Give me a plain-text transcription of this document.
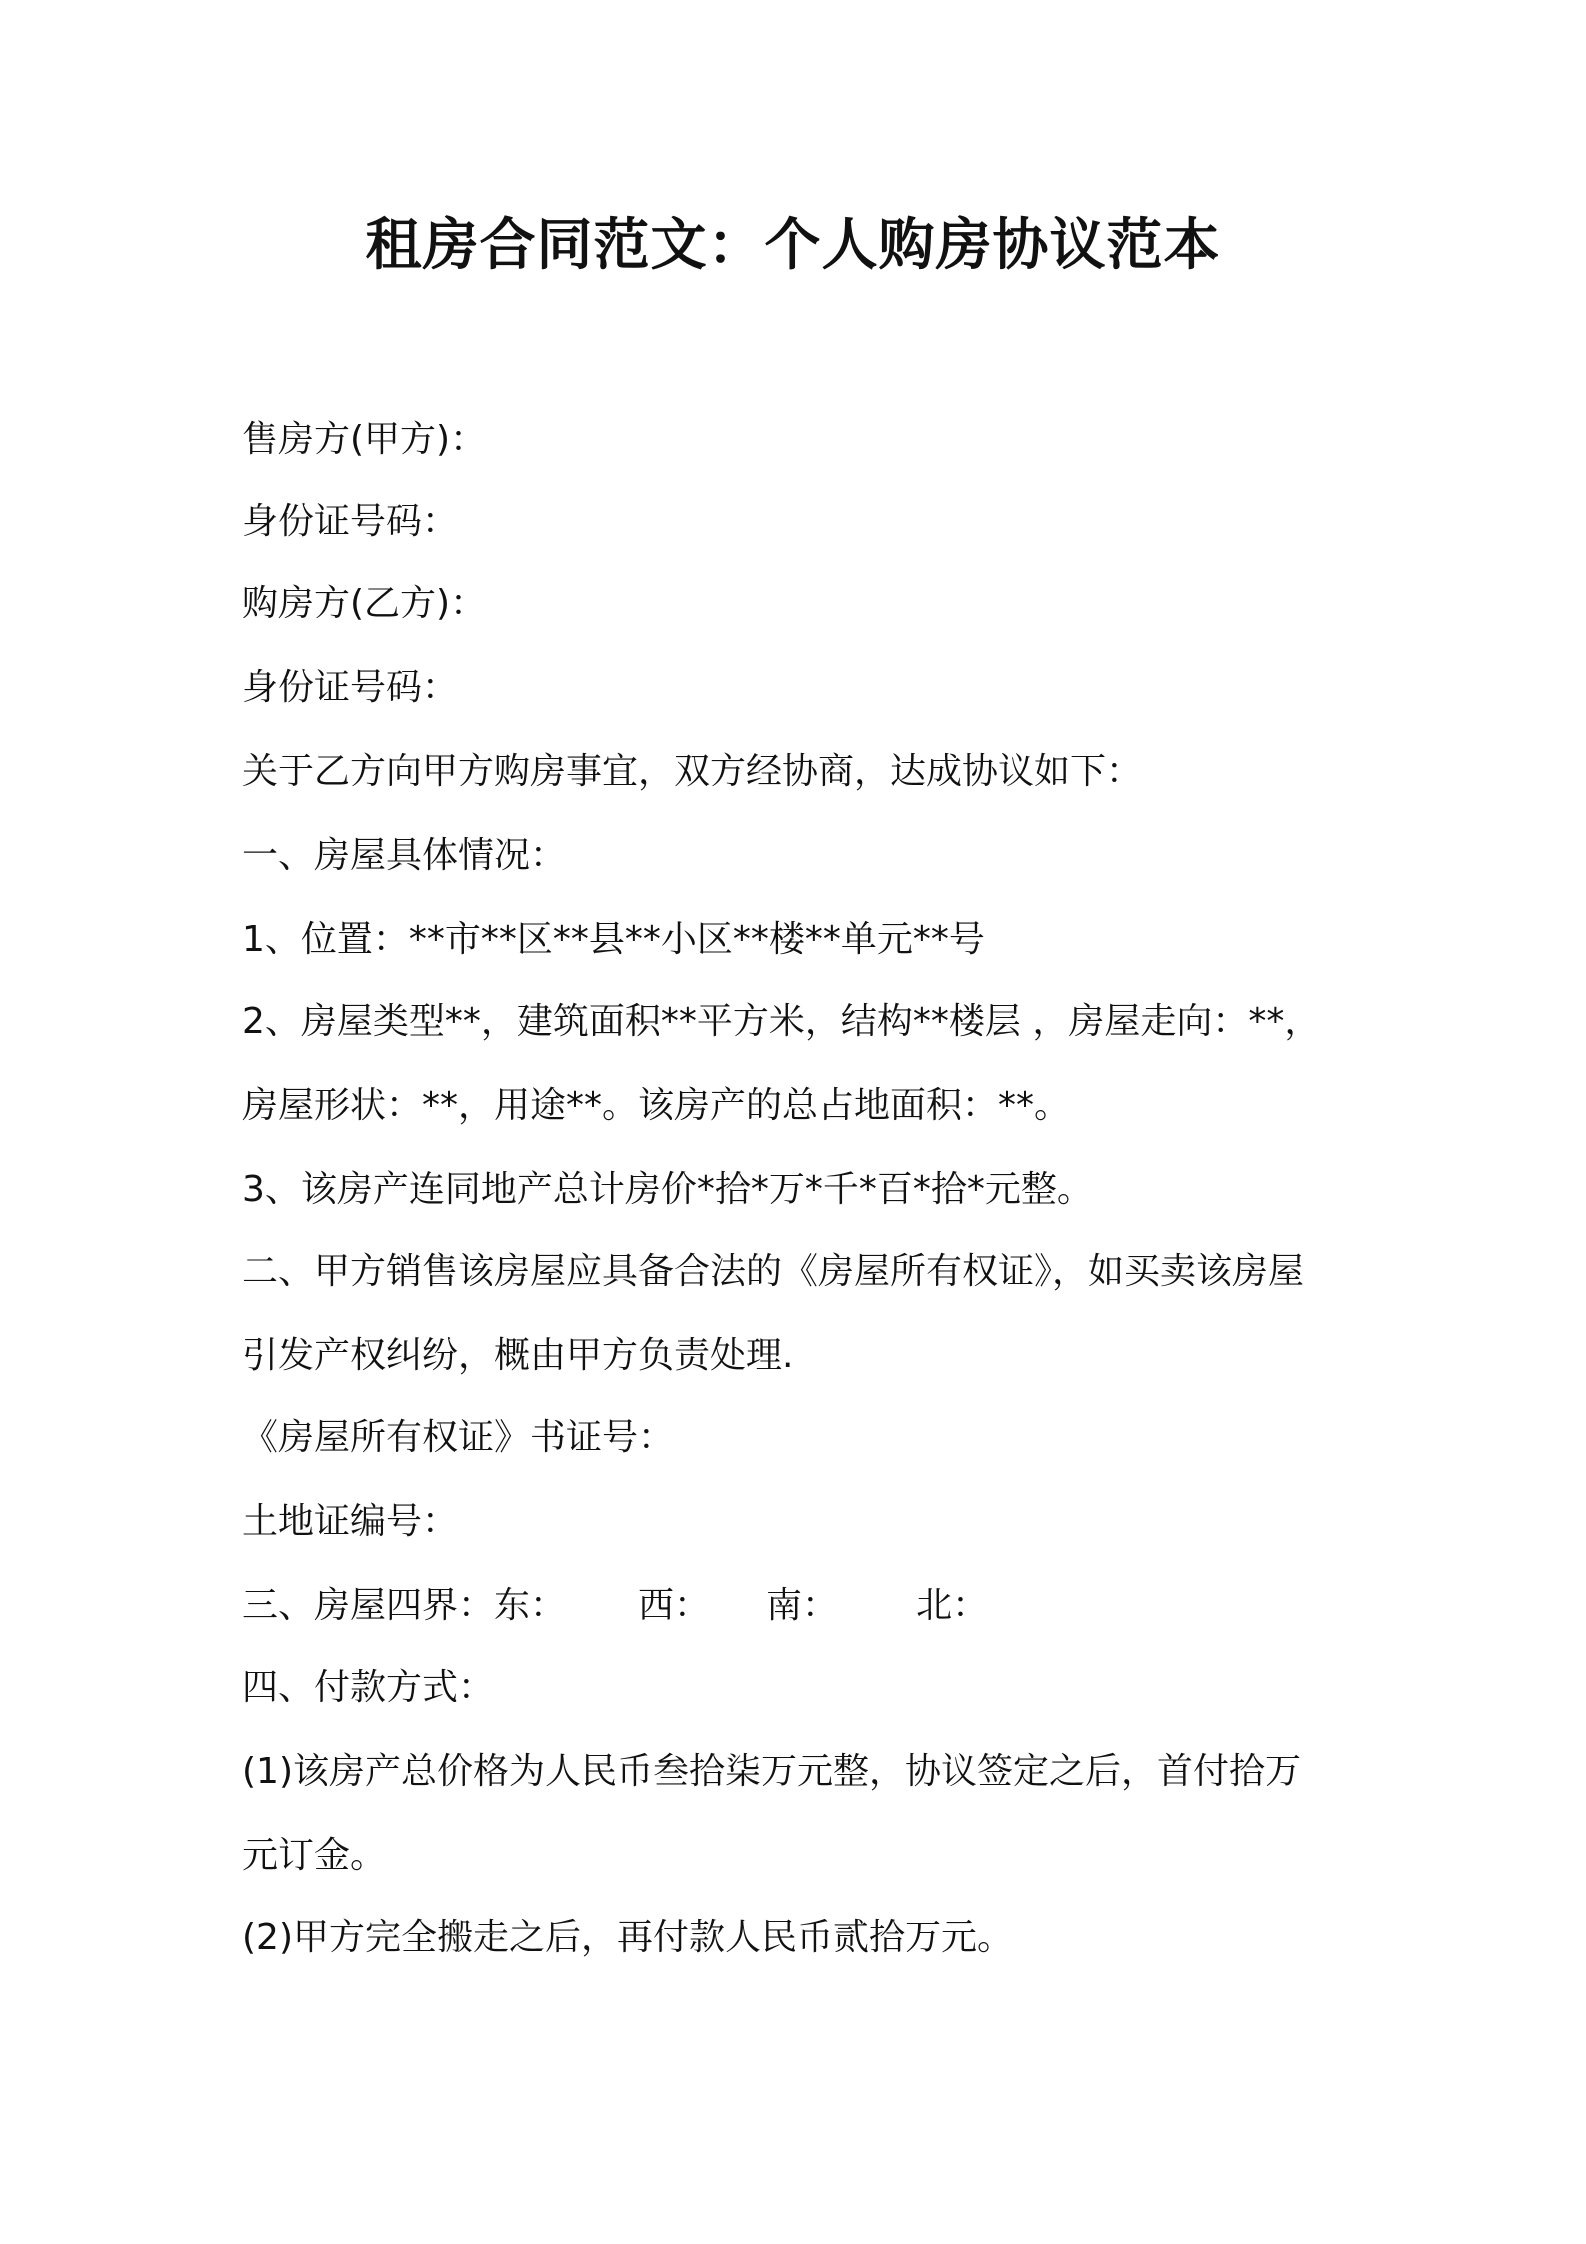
租房合同范文：个人购房协议范本

售房方(甲方)：

身份证号码：

购房方(乙方)：

身份证号码：

关于乙方向甲方购房事宜，双方经协商，达成协议如下：

一、房屋具体情况：

1、位置：**市**区**县**小区**楼**单元**号

2、房屋类型**，建筑面积**平方米，结构**楼层 ，房屋走向：**，

房屋形状：**，用途**。该房产的总占地面积：**。

3、该房产连同地产总计房价*拾*万*千*百*拾*元整。

二、甲方销售该房屋应具备合法的《房屋所有权证》，如买卖该房屋

引发产权纠纷，概由甲方负责处理.

《房屋所有权证》书证号：

土地证编号：

三、房屋四界：东： 西： 南： 北：

四、付款方式：

(1)该房产总价格为人民币叁拾柒万元整，协议签定之后，首付拾万

元订金。

(2)甲方完全搬走之后，再付款人民币贰拾万元。
